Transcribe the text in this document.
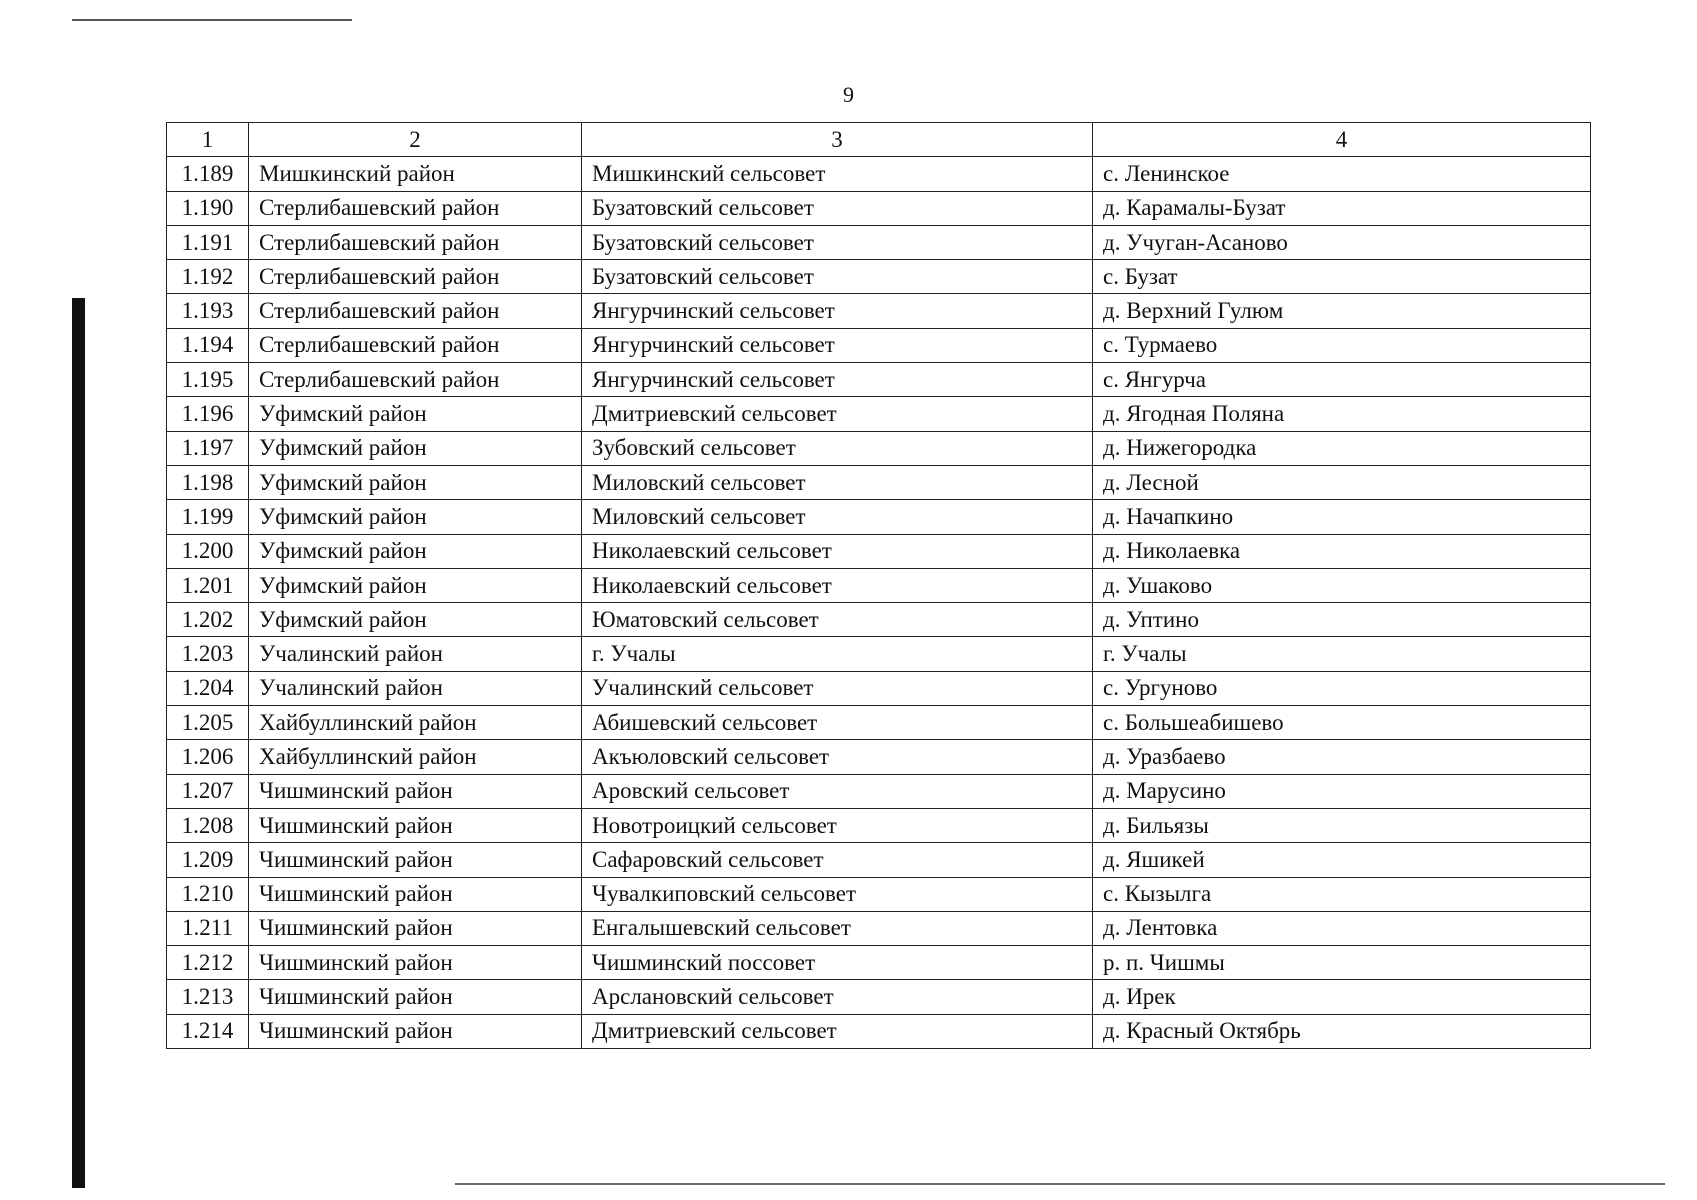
9
1	2	3	4
1.189	Мишкинский район	Мишкинский сельсовет	с. Ленинское
1.190	Стерлибашевский район	Бузатовский сельсовет	д. Карамалы-Бузат
1.191	Стерлибашевский район	Бузатовский сельсовет	д. Учуган-Асаново
1.192	Стерлибашевский район	Бузатовский сельсовет	с. Бузат
1.193	Стерлибашевский район	Янгурчинский сельсовет	д. Верхний Гулюм
1.194	Стерлибашевский район	Янгурчинский сельсовет	с. Турмаево
1.195	Стерлибашевский район	Янгурчинский сельсовет	с. Янгурча
1.196	Уфимский район	Дмитриевский сельсовет	д. Ягодная Поляна
1.197	Уфимский район	Зубовский сельсовет	д. Нижегородка
1.198	Уфимский район	Миловский сельсовет	д. Лесной
1.199	Уфимский район	Миловский сельсовет	д. Начапкино
1.200	Уфимский район	Николаевский сельсовет	д. Николаевка
1.201	Уфимский район	Николаевский сельсовет	д. Ушаково
1.202	Уфимский район	Юматовский сельсовет	д. Уптино
1.203	Учалинский район	г. Учалы	г. Учалы
1.204	Учалинский район	Учалинский сельсовет	с. Ургуново
1.205	Хайбуллинский район	Абишевский сельсовет	с. Большеабишево
1.206	Хайбуллинский район	Акъюловский сельсовет	д. Уразбаево
1.207	Чишминский район	Аровский сельсовет	д. Марусино
1.208	Чишминский район	Новотроицкий сельсовет	д. Бильязы
1.209	Чишминский район	Сафаровский сельсовет	д. Яшикей
1.210	Чишминский район	Чувалкиповский сельсовет	с. Кызылга
1.211	Чишминский район	Енгалышевский сельсовет	д. Лентовка
1.212	Чишминский район	Чишминский поссовет	р. п. Чишмы
1.213	Чишминский район	Арслановский сельсовет	д. Ирек
1.214	Чишминский район	Дмитриевский сельсовет	д. Красный Октябрь
